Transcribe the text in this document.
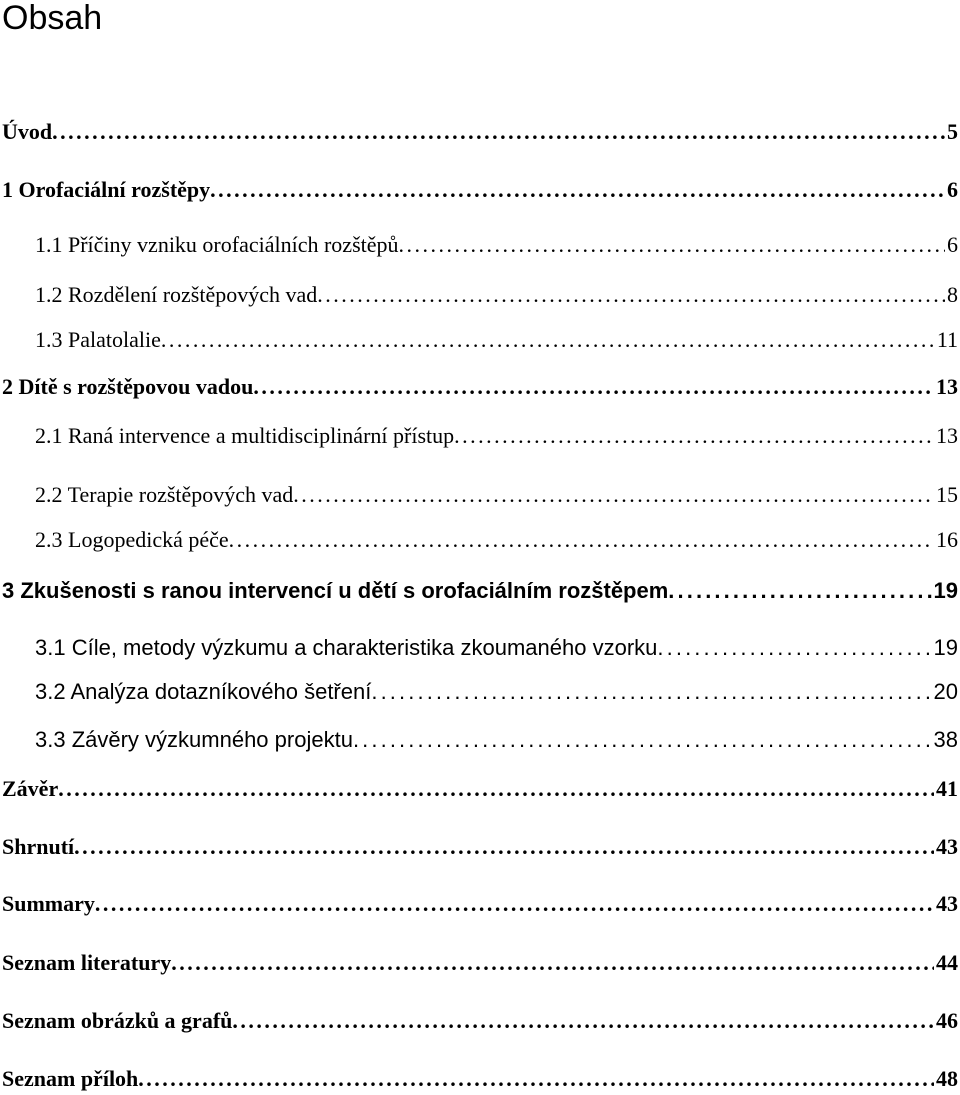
Obsah
Úvod . . .	5
1 Orofaciální rozštěpy . . .	6
1.1 Příčiny vzniku orofaciálních rozštěpů . . .	6
1.2 Rozdělení rozštěpových vad . . .	8
1.3 Palatolalie . . .	11
2 Dítě s rozštěpovou vadou . . .	13
2.1 Raná intervence a multidisciplinární přístup . . .	13
2.2 Terapie rozštěpových vad . . .	15
2.3 Logopedická péče . . .	16
3 Zkušenosti s ranou intervencí u dětí s orofaciálním rozštěpem . . .	19
3.1 Cíle, metody výzkumu a charakteristika zkoumaného vzorku . . .	19
3.2 Analýza dotazníkového šetření . . .	20
3.3 Závěry výzkumného projektu . . .	38
Závěr . . .	41
Shrnutí . . .	43
Summary . . .	43
Seznam literatury . . .	44
Seznam obrázků a grafů . . .	46
Seznam příloh . . .	48
